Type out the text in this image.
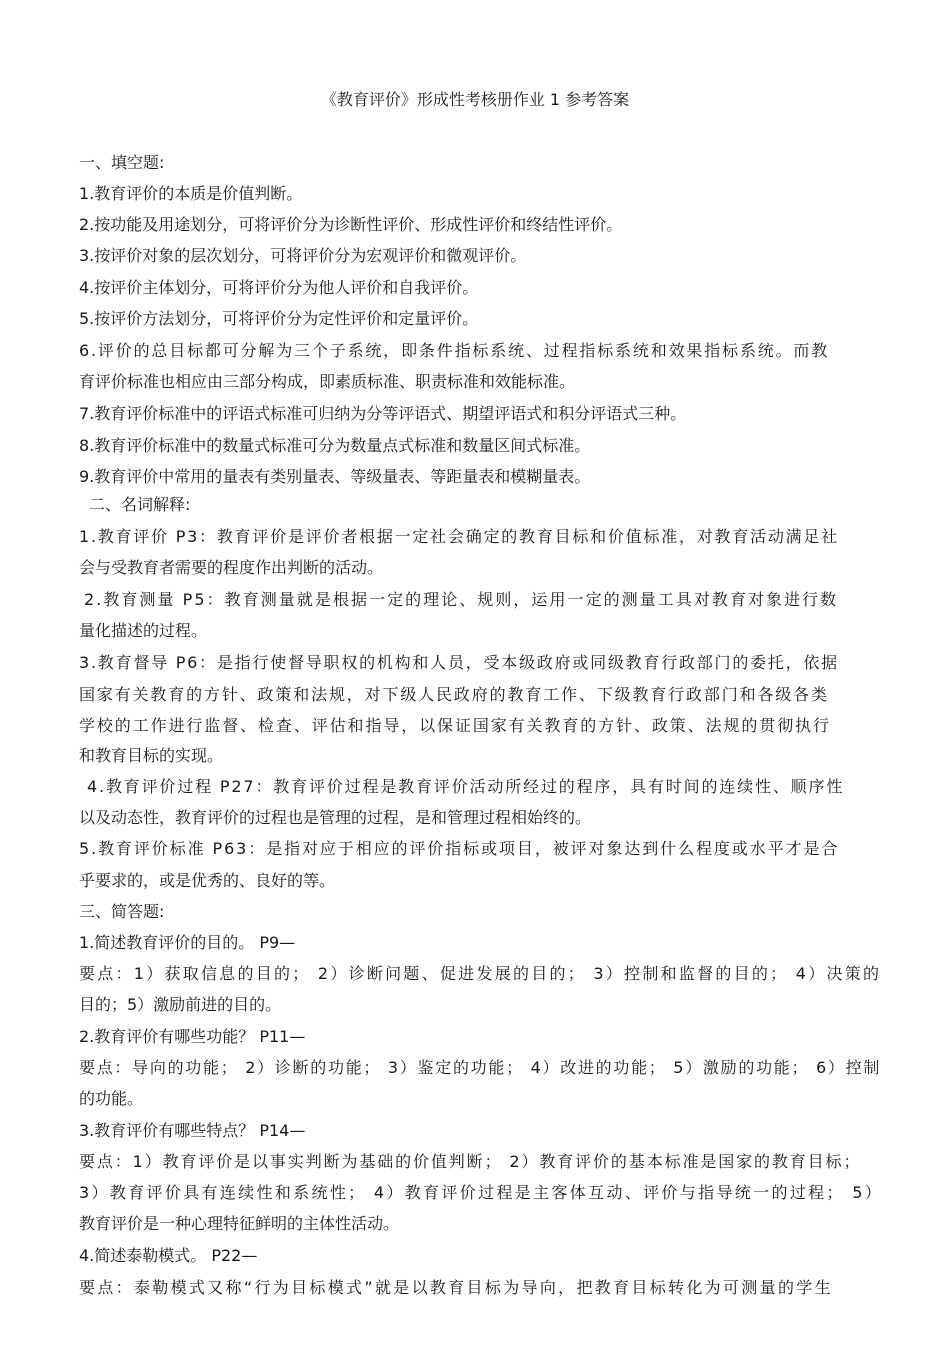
《教育评价》形成性考核册作业 1 参考答案
一、填空题:
1.教育评价的本质是价值判断。
2.按功能及用途划分，可将评价分为诊断性评价、形成性评价和终结性评价。
3.按评价对象的层次划分，可将评价分为宏观评价和微观评价。
4.按评价主体划分，可将评价分为他人评价和自我评价。
5.按评价方法划分，可将评价分为定性评价和定量评价。
6.评价的总目标都可分解为三个子系统，即条件指标系统、过程指标系统和效果指标系统。而教
育评价标准也相应由三部分构成，即素质标准、职责标准和效能标准。
7.教育评价标准中的评语式标准可归纳为分等评语式、期望评语式和积分评语式三种。
8.教育评价标准中的数量式标准可分为数量点式标准和数量区间式标准。
9.教育评价中常用的量表有类别量表、等级量表、等距量表和模糊量表。
二、名词解释:
1.教育评价 P3：教育评价是评价者根据一定社会确定的教育目标和价值标准，对教育活动满足社
会与受教育者需要的程度作出判断的活动。
2.教育测量 P5：教育测量就是根据一定的理论、规则，运用一定的测量工具对教育对象进行数
量化描述的过程。
3.教育督导 P6：是指行使督导职权的机构和人员，受本级政府或同级教育行政部门的委托，依据
国家有关教育的方针、政策和法规，对下级人民政府的教育工作、下级教育行政部门和各级各类
学校的工作进行监督、检查、评估和指导，以保证国家有关教育的方针、政策、法规的贯彻执行
和教育目标的实现。
4.教育评价过程 P27：教育评价过程是教育评价活动所经过的程序，具有时间的连续性、顺序性
以及动态性，教育评价的过程也是管理的过程，是和管理过程相始终的。
5.教育评价标准 P63：是指对应于相应的评价指标或项目，被评对象达到什么程度或水平才是合
乎要求的，或是优秀的、良好的等。
三、简答题:
1.简述教育评价的目的。 P9—
要点：1）获取信息的目的； 2）诊断问题、促进发展的目的； 3）控制和监督的目的； 4）决策的
目的；5）激励前进的目的。
2.教育评价有哪些功能？ P11—
要点：导向的功能； 2）诊断的功能； 3）鉴定的功能； 4）改进的功能； 5）激励的功能； 6）控制
的功能。
3.教育评价有哪些特点？ P14—
要点：1）教育评价是以事实判断为基础的价值判断； 2）教育评价的基本标准是国家的教育目标；
3）教育评价具有连续性和系统性； 4）教育评价过程是主客体互动、评价与指导统一的过程； 5）
教育评价是一种心理特征鲜明的主体性活动。
4.简述泰勒模式。 P22—
要点：泰勒模式又称“行为目标模式”就是以教育目标为导向，把教育目标转化为可测量的学生
